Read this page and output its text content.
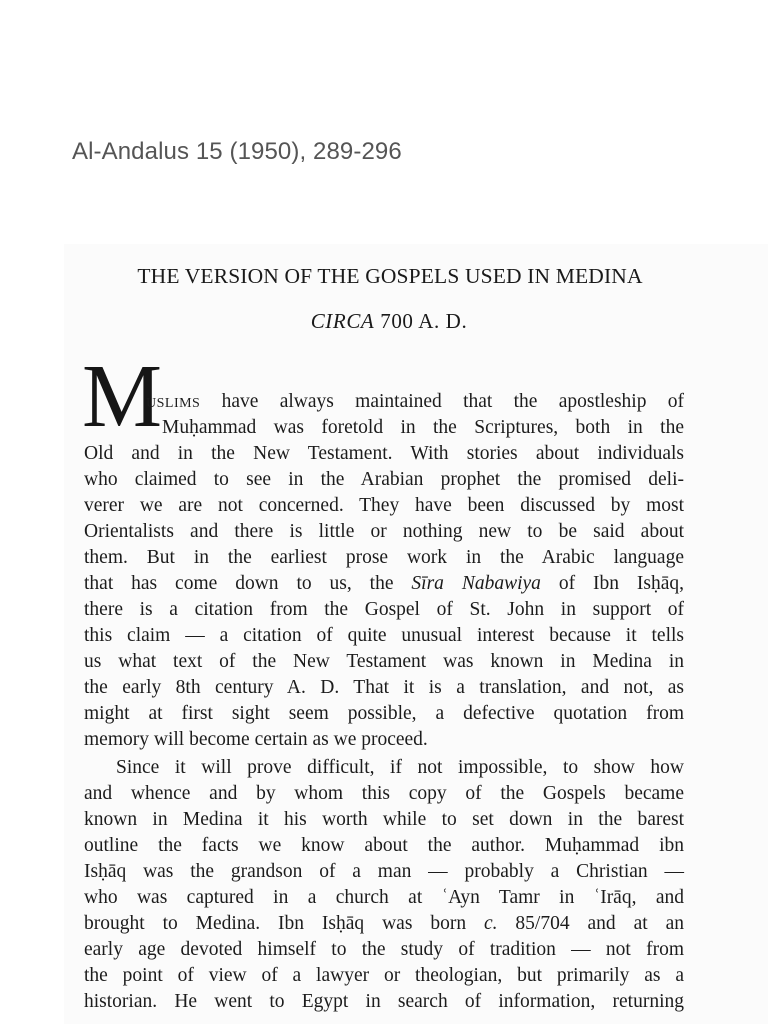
Al-Andalus 15 (1950), 289-296
THE VERSION OF THE GOSPELS USED IN MEDINA
CIRCA 700 A. D.
M
uslims have always maintained that the apostleship of
Muḥammad was foretold in the Scriptures, both in the
Old and in the New Testament. With stories about individuals
who claimed to see in the Arabian prophet the promised deli-
verer we are not concerned. They have been discussed by most
Orientalists and there is little or nothing new to be said about
them. But in the earliest prose work in the Arabic language
that has come down to us, the Sīra Nabawiya of Ibn Isḥāq,
there is a citation from the Gospel of St. John in support of
this claim — a citation of quite unusual interest because it tells
us what text of the New Testament was known in Medina in
the early 8th century A. D. That it is a translation, and not, as
might at first sight seem possible, a defective quotation from
memory will become certain as we proceed.
Since it will prove difficult, if not impossible, to show how
and whence and by whom this copy of the Gospels became
known in Medina it his worth while to set down in the barest
outline the facts we know about the author. Muḥammad ibn
Isḥāq was the grandson of a man — probably a Christian —
who was captured in a church at ʿAyn Tamr in ʿIrāq, and
brought to Medina. Ibn Isḥāq was born c. 85/704 and at an
early age devoted himself to the study of tradition — not from
the point of view of a lawyer or theologian, but primarily as a
historian. He went to Egypt in search of information, returning
